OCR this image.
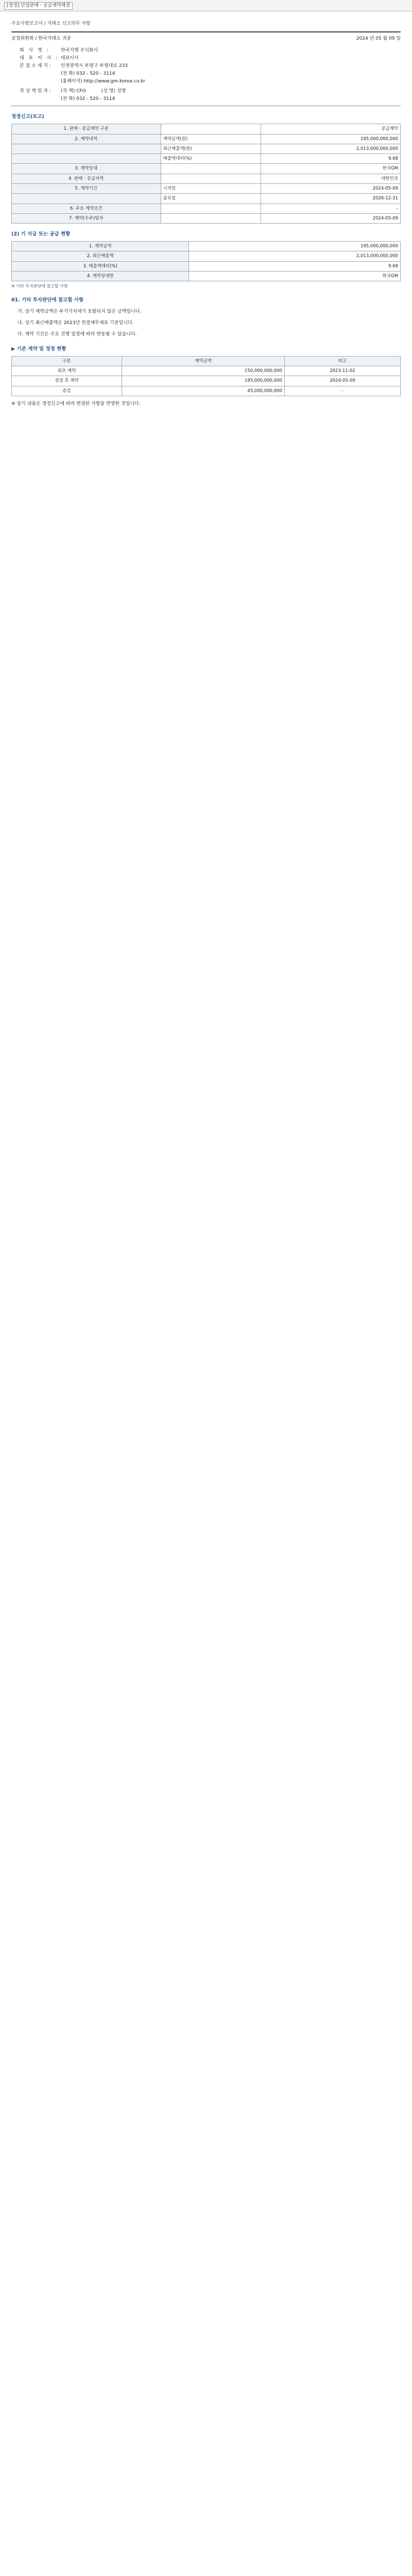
[정정] 단일판매ㆍ공급계약체결
주요사항보고서 / 거래소 신고의무 사항
공정위원회 / 한국거래소 귀중	2024 년 05 월 09 일
회 사 명 :	한국지엠 주식회사
대 표 이 사 : 대표이사
본 점 소 재 지 :	인천광역시 부평구 부평대로 233
(전 화) 032 - 520 - 3114
(홈페이지) http://www.gm-korea.co.kr
작 성 책 임 자 :	(직 책) CFO	(성 명) 성명
(전 화) 032 - 520 - 3114
정정신고(보고)
1. 판매ㆍ공급계약 구분		공급계약
2. 계약내역	계약금액(원)	195,000,000,000
	최근매출액(원)	2,013,000,000,000
	매출액대비(%)	9.68
3. 계약상대		한국GM
4. 판매ㆍ공급지역		대한민국
5. 계약기간	시작일	2024-05-09
	종료일	2026-12-31
6. 주요 계약조건		-
7. 계약(수주)일자		2024-05-09
(2) 기 지급 또는 공급 현황
1. 계약금액	195,000,000,000
2. 최근매출액	2,013,000,000,000
3. 매출액대비(%)	9.68
4. 계약상대방	한국GM
※ 기타 투자판단에 참고할 사항
01. 기타 투자판단에 참고할 사항
가. 상기 계약금액은 부가가치세가 포함되지 않은 금액입니다.
나. 상기 최근매출액은 2023년 연결재무제표 기준입니다.
다. 계약 기간은 주요 진행 일정에 따라 변동될 수 있습니다.
▶ 기존 계약 및 정정 현황
구분	계약금액	비고
최초 계약	150,000,000,000	2023-11-02
정정 후 계약	195,000,000,000	2024-05-09
증감	45,000,000,000	-
※ 상기 내용은 정정신고에 따라 변경된 사항을 반영한 것입니다.
